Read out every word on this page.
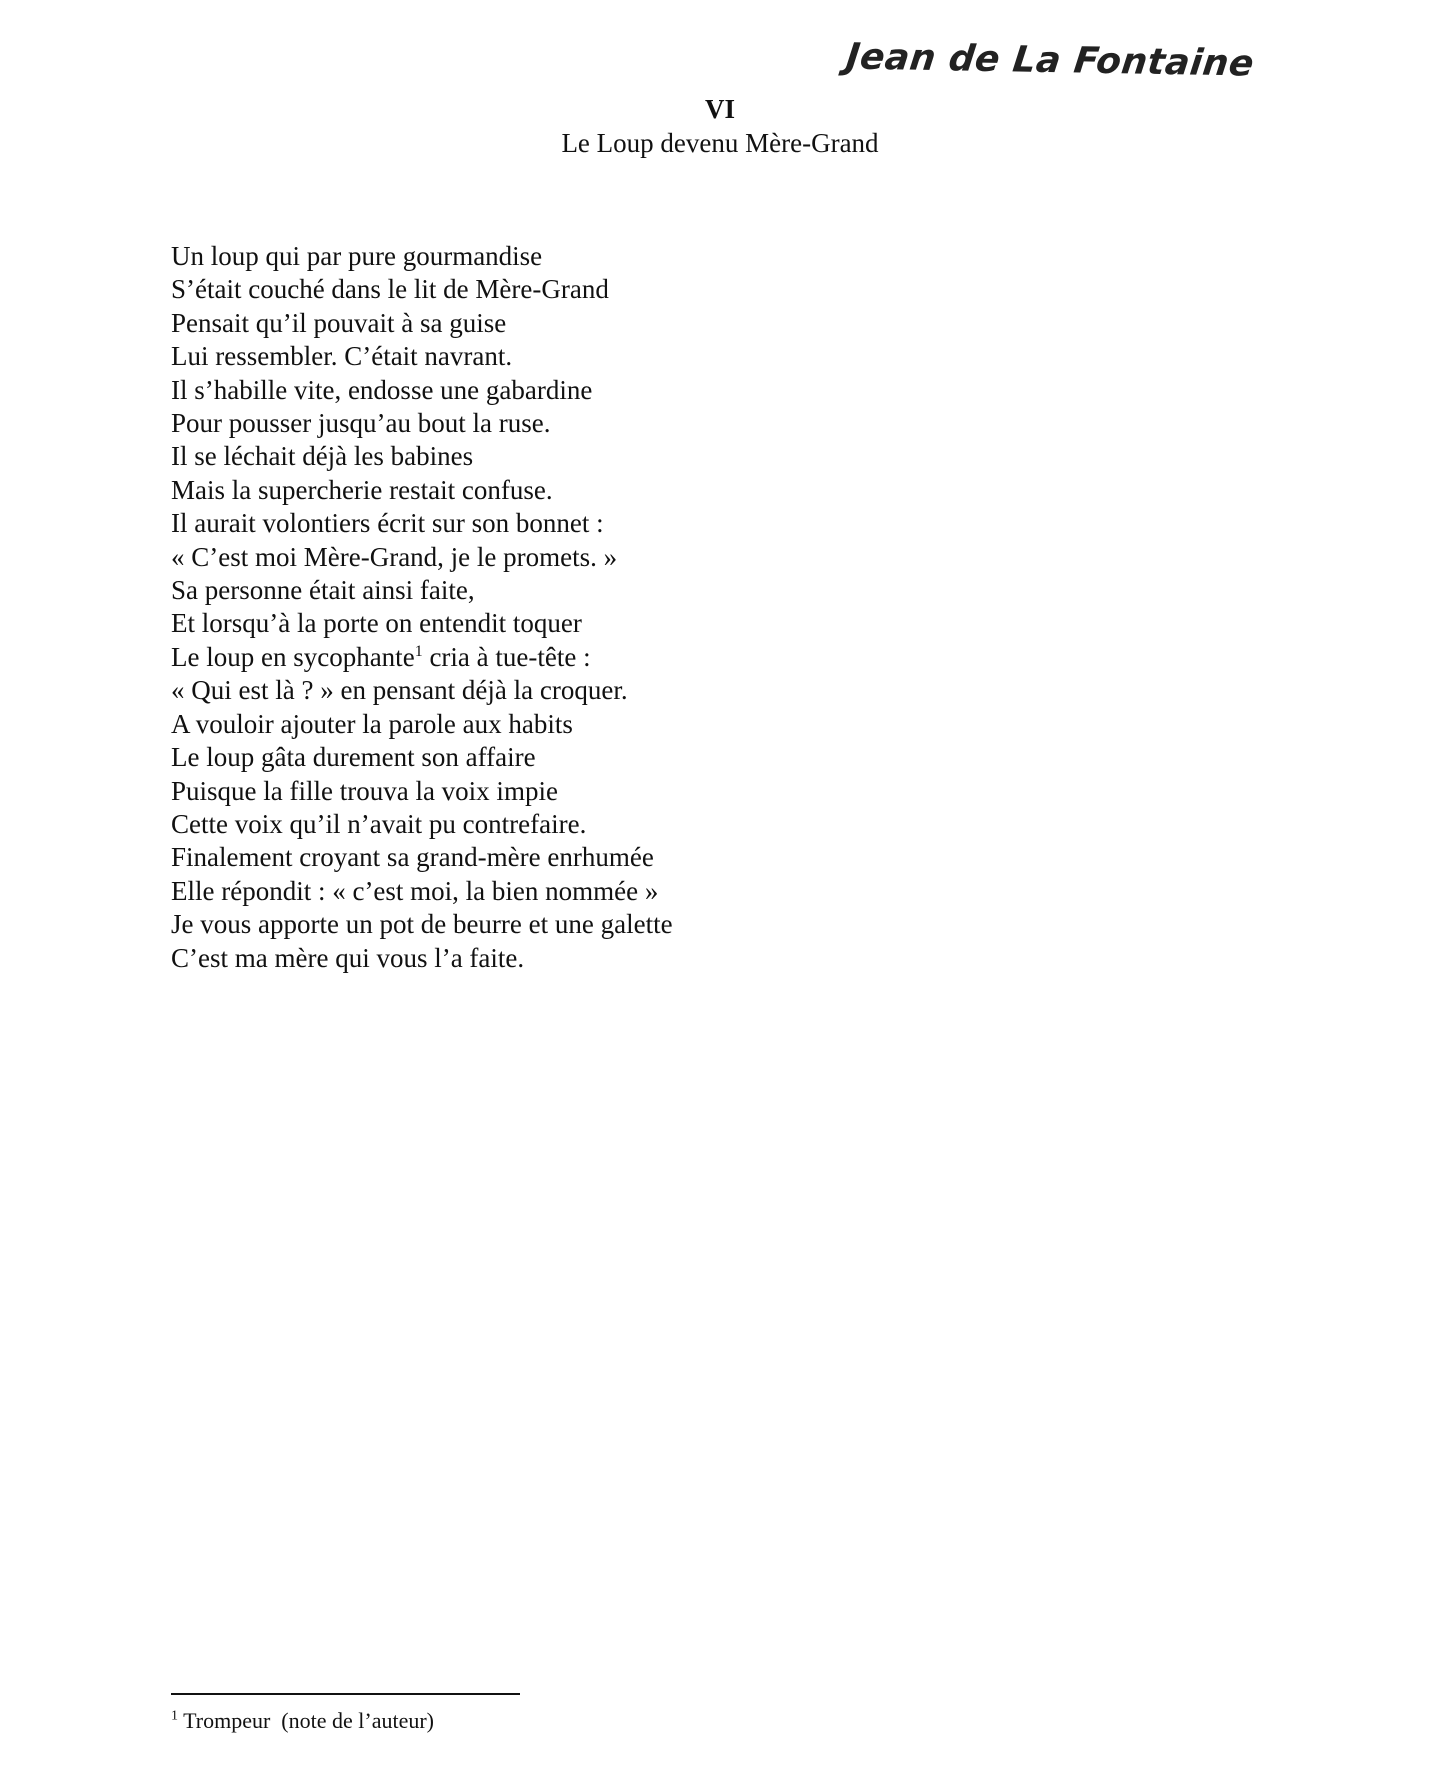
Jean de La Fontaine
VI
Le Loup devenu Mère-Grand
Un loup qui par pure gourmandise
S’était couché dans le lit de Mère-Grand
Pensait qu’il pouvait à sa guise
Lui ressembler. C’était navrant.
Il s’habille vite, endosse une gabardine
Pour pousser jusqu’au bout la ruse.
Il se léchait déjà les babines
Mais la supercherie restait confuse.
Il aurait volontiers écrit sur son bonnet :
« C’est moi Mère-Grand, je le promets. »
Sa personne était ainsi faite,
Et lorsqu’à la porte on entendit toquer
Le loup en sycophante$^1$ cria à tue-tête :
« Qui est là ? » en pensant déjà la croquer.
A vouloir ajouter la parole aux habits
Le loup gâta durement son affaire
Puisque la fille trouva la voix impie
Cette voix qu’il n’avait pu contrefaire.
Finalement croyant sa grand-mère enrhumée
Elle répondit : « c’est moi, la bien nommée »
Je vous apporte un pot de beurre et une galette
C’est ma mère qui vous l’a faite.
$^1$ Trompeur  (note de l’auteur)
